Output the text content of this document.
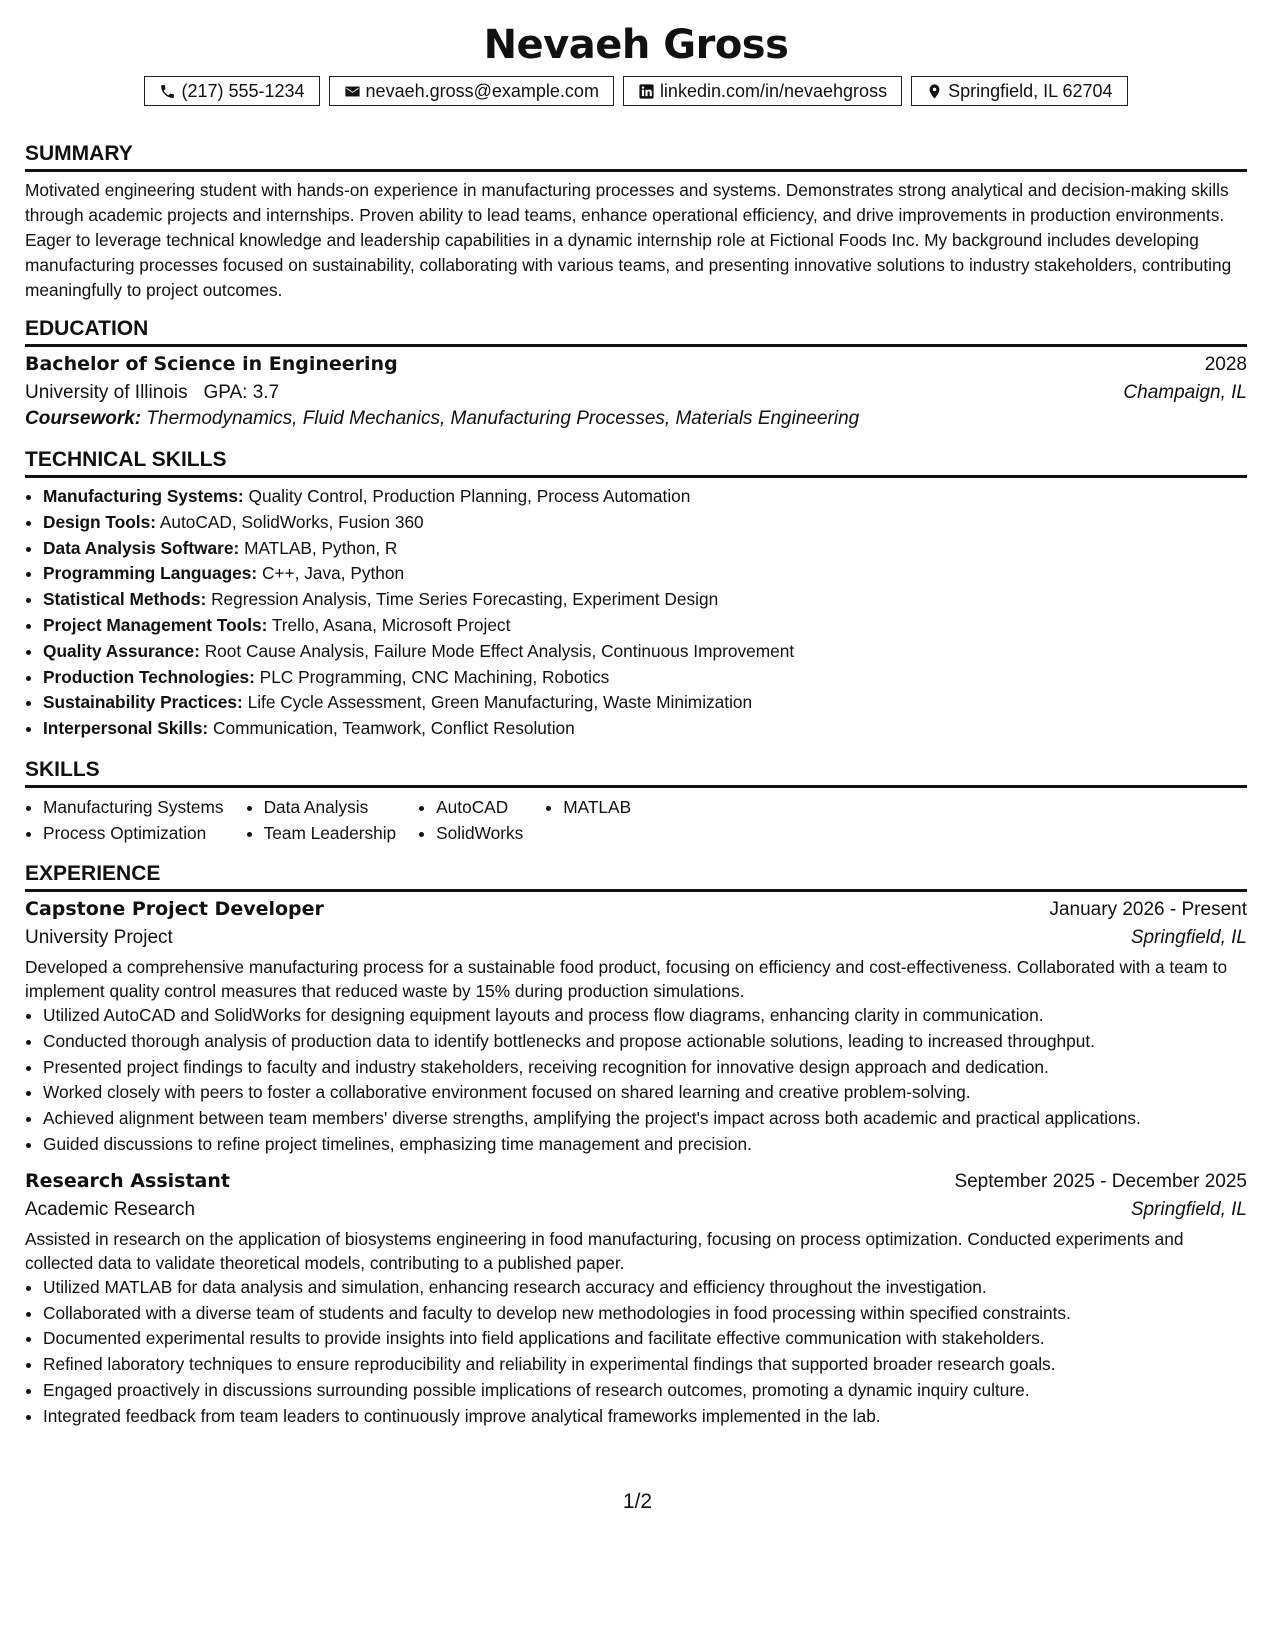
Nevaeh Gross
(217) 555-1234	nevaeh.gross@example.com	linkedin.com/in/nevaehgross	Springfield, IL 62704
SUMMARY

Motivated engineering student with hands-on experience in manufacturing processes and systems. Demonstrates strong analytical and decision-making skills through academic projects and internships. Proven ability to lead teams, enhance operational efficiency, and drive improvements in production environments. Eager to leverage technical knowledge and leadership capabilities in a dynamic internship role at Fictional Foods Inc. My background includes developing manufacturing processes focused on sustainability, collaborating with various teams, and presenting innovative solutions to industry stakeholders, contributing meaningfully to project outcomes.

EDUCATION
Bachelor of Science in Engineering	2028
University of Illinois GPA: 3.7	Champaign, IL
Coursework: Thermodynamics, Fluid Mechanics, Manufacturing Processes, Materials Engineering
TECHNICAL SKILLS
• Manufacturing Systems: Quality Control, Production Planning, Process Automation
• Design Tools: AutoCAD, SolidWorks, Fusion 360
• Data Analysis Software: MATLAB, Python, R
• Programming Languages: C++, Java, Python
• Statistical Methods: Regression Analysis, Time Series Forecasting, Experiment Design
• Project Management Tools: Trello, Asana, Microsoft Project
• Quality Assurance: Root Cause Analysis, Failure Mode Effect Analysis, Continuous Improvement
• Production Technologies: PLC Programming, CNC Machining, Robotics
• Sustainability Practices: Life Cycle Assessment, Green Manufacturing, Waste Minimization
• Interpersonal Skills: Communication, Teamwork, Conflict Resolution
SKILLS
• Manufacturing Systems
• Process Optimization
• Data Analysis
• Team Leadership
• AutoCAD
• SolidWorks
• MATLAB
EXPERIENCE
Capstone Project Developer	January 2026 - Present
University Project	Springfield, IL

Developed a comprehensive manufacturing process for a sustainable food product, focusing on efficiency and cost-effectiveness. Collaborated with a team to implement quality control measures that reduced waste by 15% during production simulations.

• Utilized AutoCAD and SolidWorks for designing equipment layouts and process flow diagrams, enhancing clarity in communication.
• Conducted thorough analysis of production data to identify bottlenecks and propose actionable solutions, leading to increased throughput.
• Presented project findings to faculty and industry stakeholders, receiving recognition for innovative design approach and dedication.
• Worked closely with peers to foster a collaborative environment focused on shared learning and creative problem-solving.
• Achieved alignment between team members' diverse strengths, amplifying the project's impact across both academic and practical applications.
• Guided discussions to refine project timelines, emphasizing time management and precision.
Research Assistant	September 2025 - December 2025
Academic Research	Springfield, IL

Assisted in research on the application of biosystems engineering in food manufacturing, focusing on process optimization. Conducted experiments and collected data to validate theoretical models, contributing to a published paper.

• Utilized MATLAB for data analysis and simulation, enhancing research accuracy and efficiency throughout the investigation.
• Collaborated with a diverse team of students and faculty to develop new methodologies in food processing within specified constraints.
• Documented experimental results to provide insights into field applications and facilitate effective communication with stakeholders.
• Refined laboratory techniques to ensure reproducibility and reliability in experimental findings that supported broader research goals.
• Engaged proactively in discussions surrounding possible implications of research outcomes, promoting a dynamic inquiry culture.
• Integrated feedback from team leaders to continuously improve analytical frameworks implemented in the lab.
1/2
